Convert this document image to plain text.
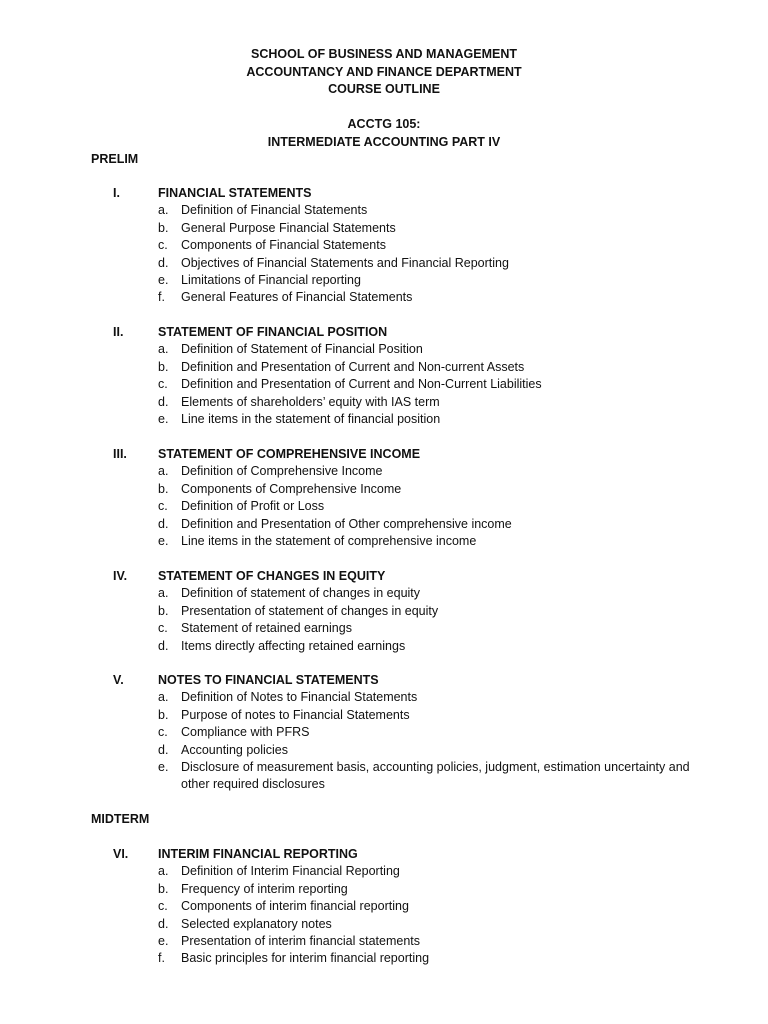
SCHOOL OF BUSINESS AND MANAGEMENT
ACCOUNTANCY AND FINANCE DEPARTMENT
COURSE OUTLINE
ACCTG 105:
INTERMEDIATE ACCOUNTING PART IV
PRELIM
I.	FINANCIAL STATEMENTS
a. Definition of Financial Statements
b. General Purpose Financial Statements
c. Components of Financial Statements
d. Objectives of Financial Statements and Financial Reporting
e. Limitations of Financial reporting
f. General Features of Financial Statements
II.	STATEMENT OF FINANCIAL POSITION
a. Definition of Statement of Financial Position
b. Definition and Presentation of Current and Non-current Assets
c. Definition and Presentation of Current and Non-Current Liabilities
d. Elements of shareholders’ equity with IAS term
e. Line items in the statement of financial position
III. STATEMENT OF COMPREHENSIVE INCOME
a. Definition of Comprehensive Income
b. Components of Comprehensive Income
c. Definition of Profit or Loss
d. Definition and Presentation of Other comprehensive income
e. Line items in the statement of comprehensive income
IV. STATEMENT OF CHANGES IN EQUITY
a. Definition of statement of changes in equity
b. Presentation of statement of changes in equity
c. Statement of retained earnings
d. Items directly affecting retained earnings
V.	NOTES TO FINANCIAL STATEMENTS
a. Definition of Notes to Financial Statements
b. Purpose of notes to Financial Statements
c. Compliance with PFRS
d. Accounting policies
e. Disclosure of measurement basis, accounting policies, judgment, estimation uncertainty and other required disclosures
MIDTERM
VI. INTERIM FINANCIAL REPORTING
a. Definition of Interim Financial Reporting
b. Frequency of interim reporting
c. Components of interim financial reporting
d. Selected explanatory notes
e. Presentation of interim financial statements
f. Basic principles for interim financial reporting
